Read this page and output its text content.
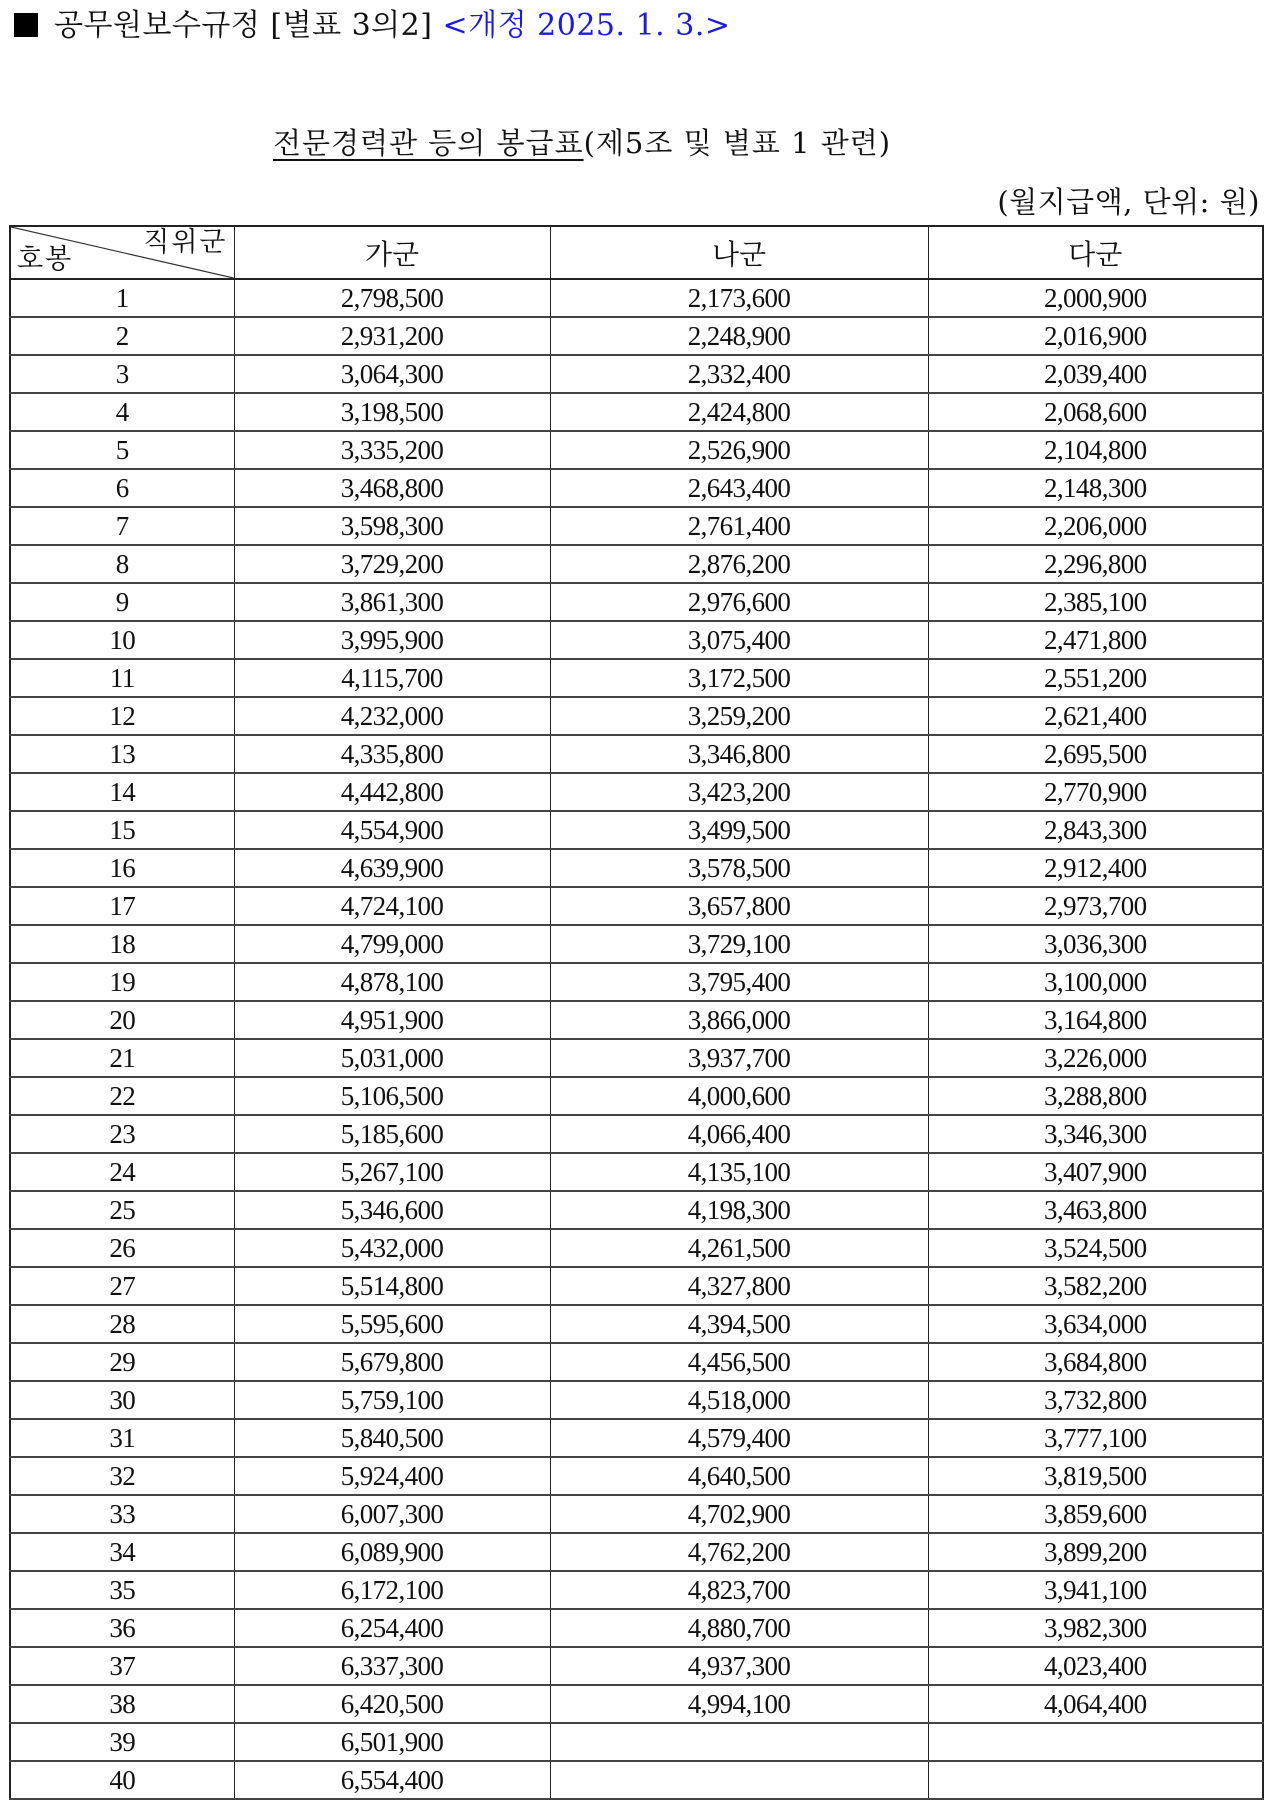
공무원보수규정 [별표 3의2] <개정 2025. 1. 3.>
전문경력관 등의 봉급표(제5조 및 별표 1 관련)
(월지급액, 단위: 원)
직위군
호봉	가군	나군	다군
1	2,798,500	2,173,600	2,000,900
2	2,931,200	2,248,900	2,016,900
3	3,064,300	2,332,400	2,039,400
4	3,198,500	2,424,800	2,068,600
5	3,335,200	2,526,900	2,104,800
6	3,468,800	2,643,400	2,148,300
7	3,598,300	2,761,400	2,206,000
8	3,729,200	2,876,200	2,296,800
9	3,861,300	2,976,600	2,385,100
10	3,995,900	3,075,400	2,471,800
11	4,115,700	3,172,500	2,551,200
12	4,232,000	3,259,200	2,621,400
13	4,335,800	3,346,800	2,695,500
14	4,442,800	3,423,200	2,770,900
15	4,554,900	3,499,500	2,843,300
16	4,639,900	3,578,500	2,912,400
17	4,724,100	3,657,800	2,973,700
18	4,799,000	3,729,100	3,036,300
19	4,878,100	3,795,400	3,100,000
20	4,951,900	3,866,000	3,164,800
21	5,031,000	3,937,700	3,226,000
22	5,106,500	4,000,600	3,288,800
23	5,185,600	4,066,400	3,346,300
24	5,267,100	4,135,100	3,407,900
25	5,346,600	4,198,300	3,463,800
26	5,432,000	4,261,500	3,524,500
27	5,514,800	4,327,800	3,582,200
28	5,595,600	4,394,500	3,634,000
29	5,679,800	4,456,500	3,684,800
30	5,759,100	4,518,000	3,732,800
31	5,840,500	4,579,400	3,777,100
32	5,924,400	4,640,500	3,819,500
33	6,007,300	4,702,900	3,859,600
34	6,089,900	4,762,200	3,899,200
35	6,172,100	4,823,700	3,941,100
36	6,254,400	4,880,700	3,982,300
37	6,337,300	4,937,300	4,023,400
38	6,420,500	4,994,100	4,064,400
39	6,501,900		
40	6,554,400		
